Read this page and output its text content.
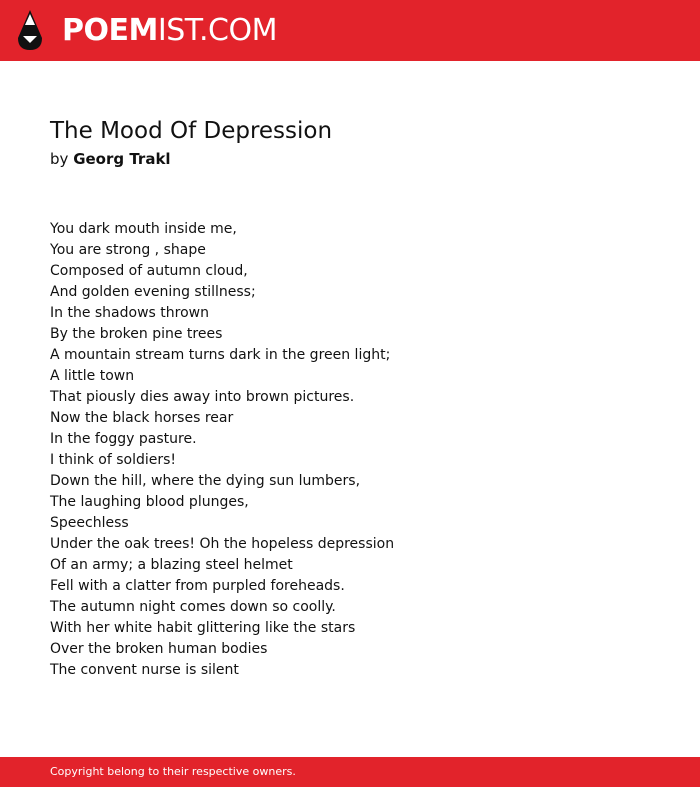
POEMIST.COM
The Mood Of Depression
by Georg Trakl
You dark mouth inside me,
You are strong , shape
Composed of autumn cloud,
And golden evening stillness;
In the shadows thrown
By the broken pine trees
A mountain stream turns dark in the green light;
A little town
That piously dies away into brown pictures.
Now the black horses rear
In the foggy pasture.
I think of soldiers!
Down the hill, where the dying sun lumbers,
The laughing blood plunges,
Speechless
Under the oak trees! Oh the hopeless depression
Of an army; a blazing steel helmet
Fell with a clatter from purpled foreheads.
The autumn night comes down so coolly.
With her white habit glittering like the stars
Over the broken human bodies
The convent nurse is silent
Copyright belong to their respective owners.
